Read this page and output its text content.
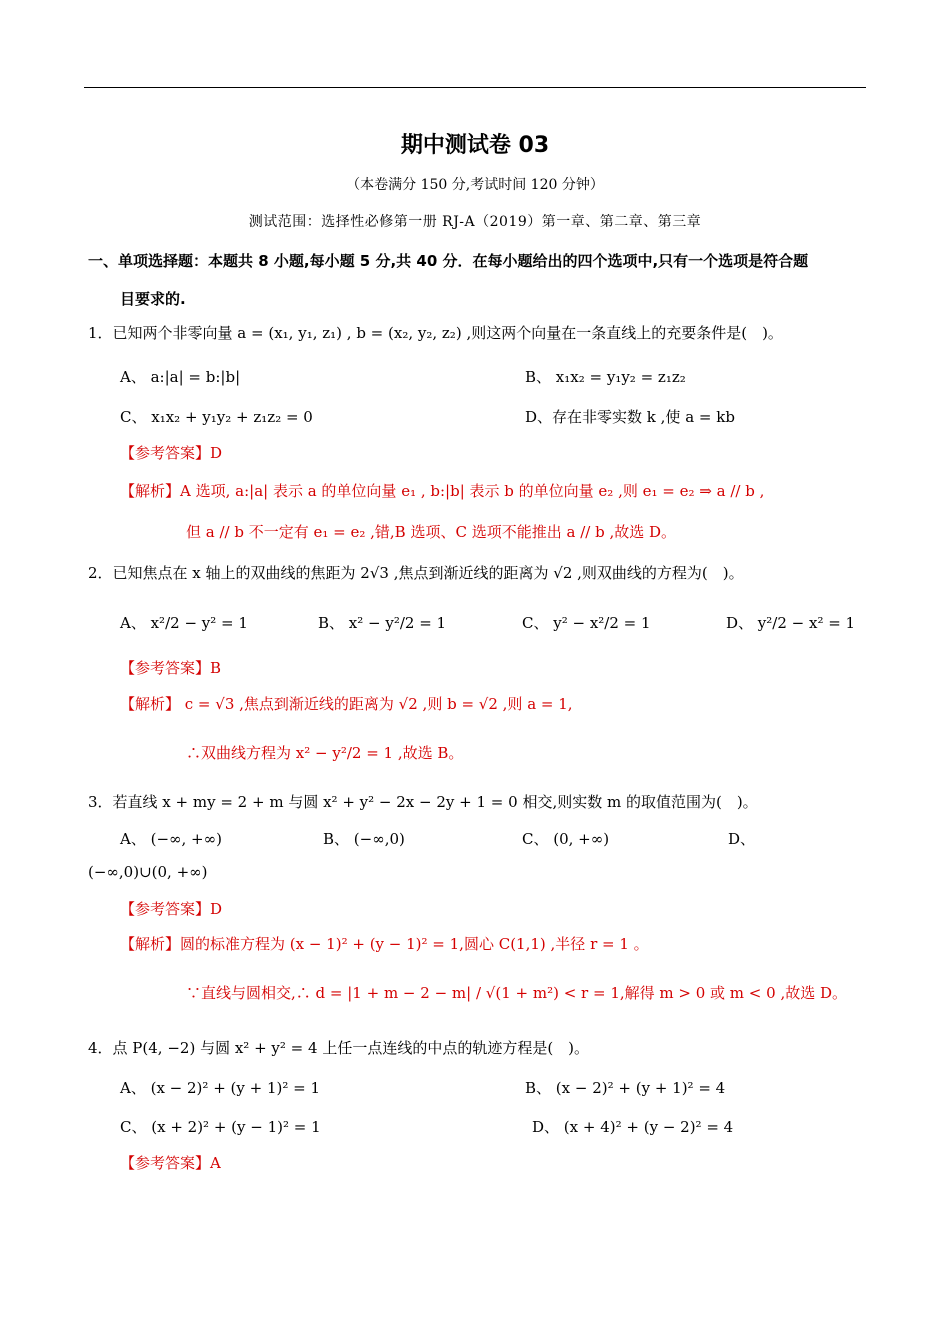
期中测试卷 03
（本卷满分 150 分,考试时间 120 分钟）
测试范围：选择性必修第一册 RJ-A（2019）第一章、第二章、第三章
一、单项选择题：本题共 8 小题,每小题 5 分,共 40 分．在每小题给出的四个选项中,只有一个选项是符合题
目要求的.
1．已知两个非零向量 a = (x₁, y₁, z₁) , b = (x₂, y₂, z₂) ,则这两个向量在一条直线上的充要条件是(　)。
A、 a:|a| = b:|b|	B、 x₁x₂ = y₁y₂ = z₁z₂
C、 x₁x₂ + y₁y₂ + z₁z₂ = 0	D、存在非零实数 k ,使 a = kb
【参考答案】D
【解析】A 选项, a:|a| 表示 a 的单位向量 e₁ , b:|b| 表示 b 的单位向量 e₂ ,则 e₁ = e₂ ⇒ a // b ,
但 a // b 不一定有 e₁ = e₂ ,错,B 选项、C 选项不能推出 a // b ,故选 D。
2．已知焦点在 x 轴上的双曲线的焦距为 2√3 ,焦点到渐近线的距离为 √2 ,则双曲线的方程为(　)。
A、 x²/2 − y² = 1	B、 x² − y²/2 = 1	C、 y² − x²/2 = 1	D、 y²/2 − x² = 1
【参考答案】B
【解析】 c = √3 ,焦点到渐近线的距离为 √2 ,则 b = √2 ,则 a = 1,
∴双曲线方程为 x² − y²/2 = 1 ,故选 B。
3．若直线 x + my = 2 + m 与圆 x² + y² − 2x − 2y + 1 = 0 相交,则实数 m 的取值范围为(　)。
A、 (−∞, +∞)	B、 (−∞,0)	C、 (0, +∞)	D、
(−∞,0)∪(0, +∞)
【参考答案】D
【解析】圆的标准方程为 (x − 1)² + (y − 1)² = 1,圆心 C(1,1) ,半径 r = 1 。
∵直线与圆相交,∴ d = |1 + m − 2 − m| / √(1 + m²) < r = 1,解得 m > 0 或 m < 0 ,故选 D。
4．点 P(4, −2) 与圆 x² + y² = 4 上任一点连线的中点的轨迹方程是(　)。
A、 (x − 2)² + (y + 1)² = 1	B、 (x − 2)² + (y + 1)² = 4
C、 (x + 2)² + (y − 1)² = 1	D、 (x + 4)² + (y − 2)² = 4
【参考答案】A
